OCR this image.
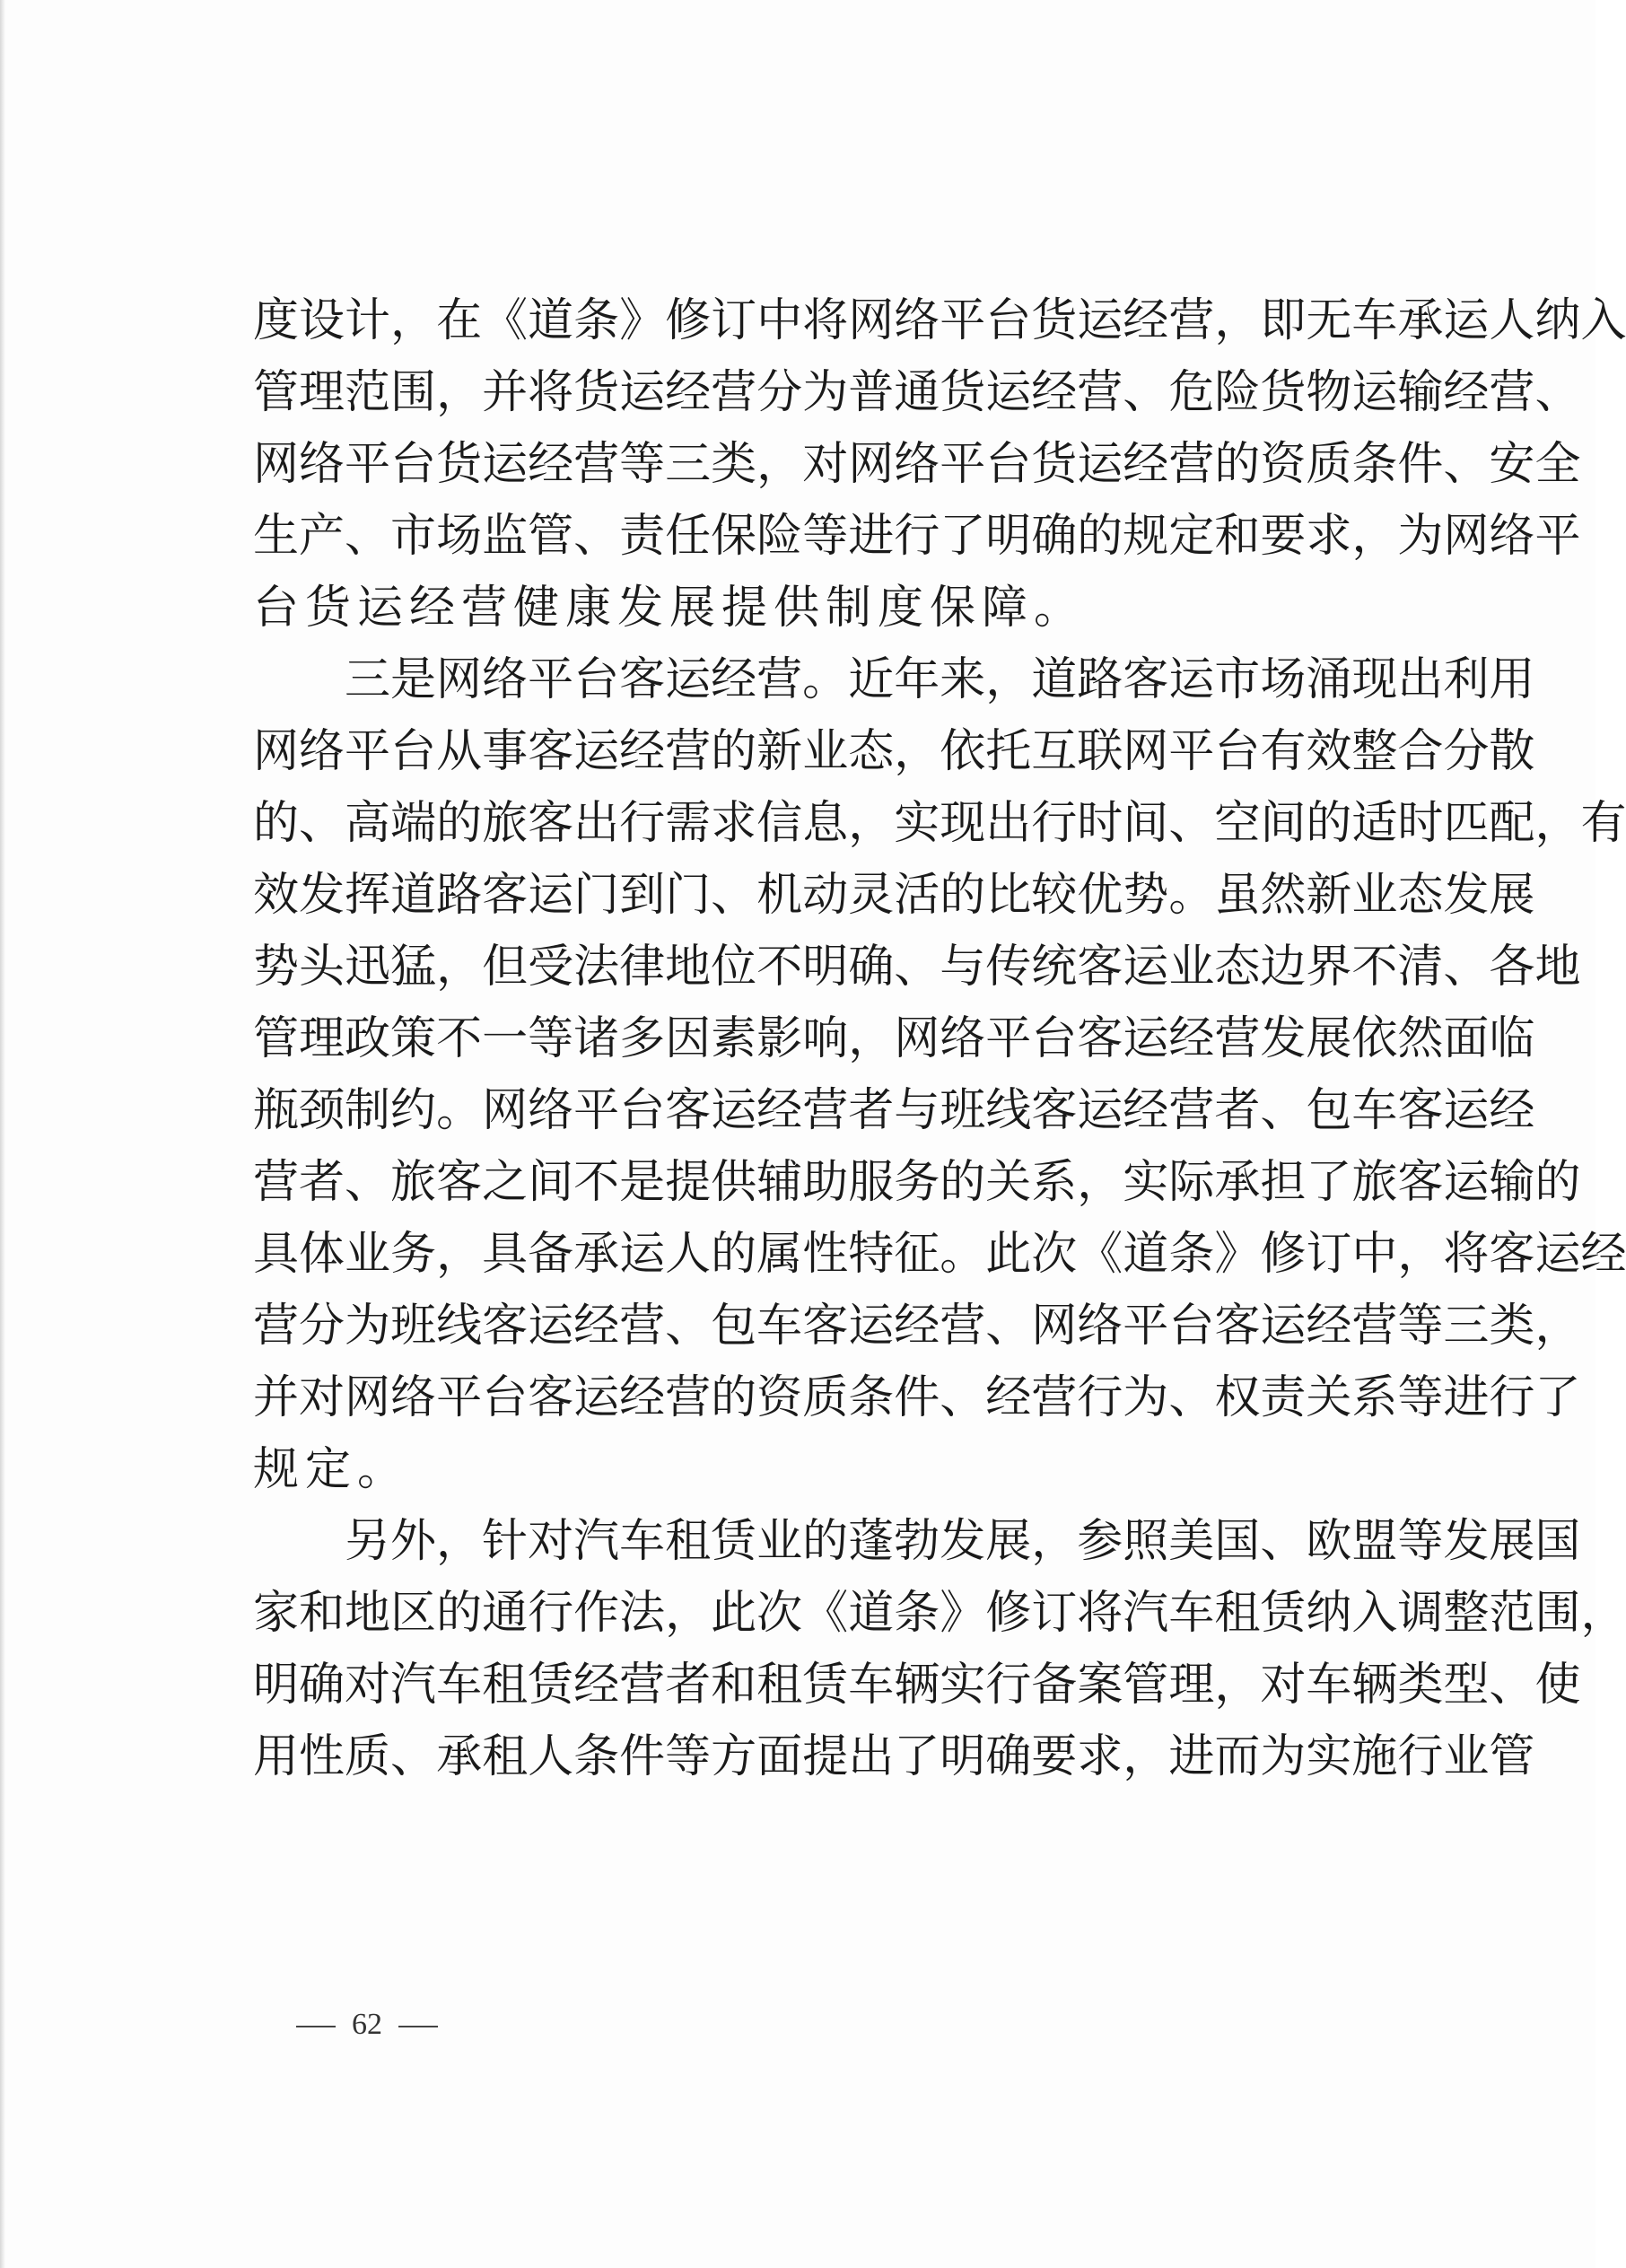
度 设 计 ， 在 《 道 条 》 修 订 中 将 网 络 平 台 货 运 经 营 ， 即 无 车 承 运 人 纳 入
管 理 范 围 ， 并 将 货 运 经 营 分 为 普 通 货 运 经 营 、 危 险 货 物 运 输 经 营 、
网 络 平 台 货 运 经 营 等 三 类 ， 对 网 络 平 台 货 运 经 营 的 资 质 条 件 、 安 全
生 产 、 市 场 监 管 、 责 任 保 险 等 进 行 了 明 确 的 规 定 和 要 求 ， 为 网 络 平
台货运经营健康发展提供制度保障。
三 是 网 络 平 台 客 运 经 营 。 近 年 来 ， 道 路 客 运 市 场 涌 现 出 利 用
网 络 平 台 从 事 客 运 经 营 的 新 业 态 ， 依 托 互 联 网 平 台 有 效 整 合 分 散
的 、 高 端 的 旅 客 出 行 需 求 信 息 ， 实 现 出 行 时 间 、 空 间 的 适 时 匹 配 ， 有
效 发 挥 道 路 客 运 门 到 门 、 机 动 灵 活 的 比 较 优 势 。 虽 然 新 业 态 发 展
势 头 迅 猛 ， 但 受 法 律 地 位 不 明 确 、 与 传 统 客 运 业 态 边 界 不 清 、 各 地
管 理 政 策 不 一 等 诸 多 因 素 影 响 ， 网 络 平 台 客 运 经 营 发 展 依 然 面 临
瓶 颈 制 约 。 网 络 平 台 客 运 经 营 者 与 班 线 客 运 经 营 者 、 包 车 客 运 经
营 者 、 旅 客 之 间 不 是 提 供 辅 助 服 务 的 关 系 ， 实 际 承 担 了 旅 客 运 输 的
具 体 业 务 ， 具 备 承 运 人 的 属 性 特 征 。 此 次 《 道 条 》 修 订 中 ， 将 客 运 经
营 分 为 班 线 客 运 经 营 、 包 车 客 运 经 营 、 网 络 平 台 客 运 经 营 等 三 类 ，
并 对 网 络 平 台 客 运 经 营 的 资 质 条 件 、 经 营 行 为 、 权 责 关 系 等 进 行 了
规定。
另 外 ， 针 对 汽 车 租 赁 业 的 蓬 勃 发 展 ， 参 照 美 国 、 欧 盟 等 发 展 国
家 和 地 区 的 通 行 作 法 ， 此 次 《 道 条 》 修 订 将 汽 车 租 赁 纳 入 调 整 范 围 ，
明 确 对 汽 车 租 赁 经 营 者 和 租 赁 车 辆 实 行 备 案 管 理 ， 对 车 辆 类 型 、 使
用 性 质 、 承 租 人 条 件 等 方 面 提 出 了 明 确 要 求 ， 进 而 为 实 施 行 业 管
62
